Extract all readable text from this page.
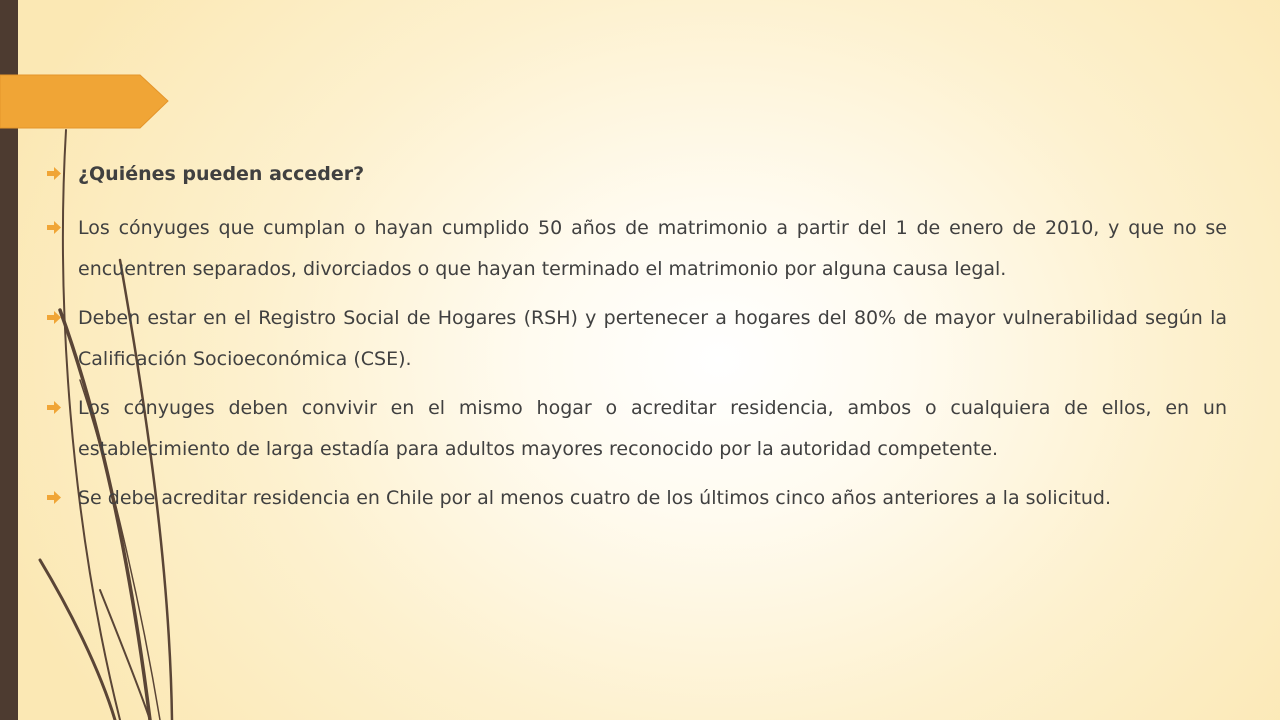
¿Quiénes pueden acceder?
Los cónyuges que cumplan o hayan cumplido 50 años de matrimonio a partir del 1 de enero de 2010, y que no se encuentren separados, divorciados o que hayan terminado el matrimonio por alguna causa legal.
Deben estar en el Registro Social de Hogares (RSH) y pertenecer a hogares del 80% de mayor vulnerabilidad según la Calificación Socioeconómica (CSE).
Los cónyuges deben convivir en el mismo hogar o acreditar residencia, ambos o cualquiera de ellos, en un establecimiento de larga estadía para adultos mayores reconocido por la autoridad competente.
Se debe acreditar residencia en Chile por al menos cuatro de los últimos cinco años anteriores a la solicitud.
